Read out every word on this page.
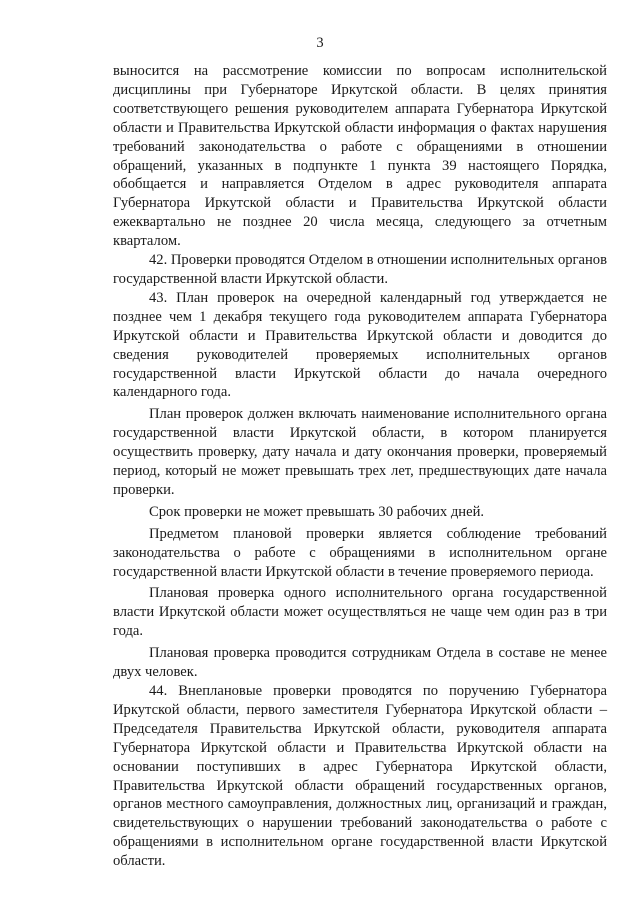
3

выносится на рассмотрение комиссии по вопросам исполнительской дисциплины при Губернаторе Иркутской области. В целях принятия соответствующего решения руководителем аппарата Губернатора Иркутской области и Правительства Иркутской области информация о фактах нарушения требований законодательства о работе с обращениями в отношении обращений, указанных в подпункте 1 пункта 39 настоящего Порядка, обобщается и направляется Отделом в адрес руководителя аппарата Губернатора Иркутской области и Правительства Иркутской области ежеквартально не позднее 20 числа месяца, следующего за отчетным кварталом.

42. Проверки проводятся Отделом в отношении исполнительных органов государственной власти Иркутской области.

43. План проверок на очередной календарный год утверждается не позднее чем 1 декабря текущего года руководителем аппарата Губернатора Иркутской области и Правительства Иркутской области и доводится до сведения руководителей проверяемых исполнительных органов государственной власти Иркутской области до начала очередного календарного года.

План проверок должен включать наименование исполнительного органа государственной власти Иркутской области, в котором планируется осуществить проверку, дату начала и дату окончания проверки, проверяемый период, который не может превышать трех лет, предшествующих дате начала проверки.

Срок проверки не может превышать 30 рабочих дней.

Предметом плановой проверки является соблюдение требований законодательства о работе с обращениями в исполнительном органе государственной власти Иркутской области в течение проверяемого периода.

Плановая проверка одного исполнительного органа государственной власти Иркутской области может осуществляться не чаще чем один раз в три года.

Плановая проверка проводится сотрудникам Отдела в составе не менее двух человек.

44. Внеплановые проверки проводятся по поручению Губернатора Иркутской области, первого заместителя Губернатора Иркутской области – Председателя Правительства Иркутской области, руководителя аппарата Губернатора Иркутской области и Правительства Иркутской области на основании поступивших в адрес Губернатора Иркутской области, Правительства Иркутской области обращений государственных органов, органов местного самоуправления, должностных лиц, организаций и граждан, свидетельствующих о нарушении требований законодательства о работе с обращениями в исполнительном органе государственной власти Иркутской области.
